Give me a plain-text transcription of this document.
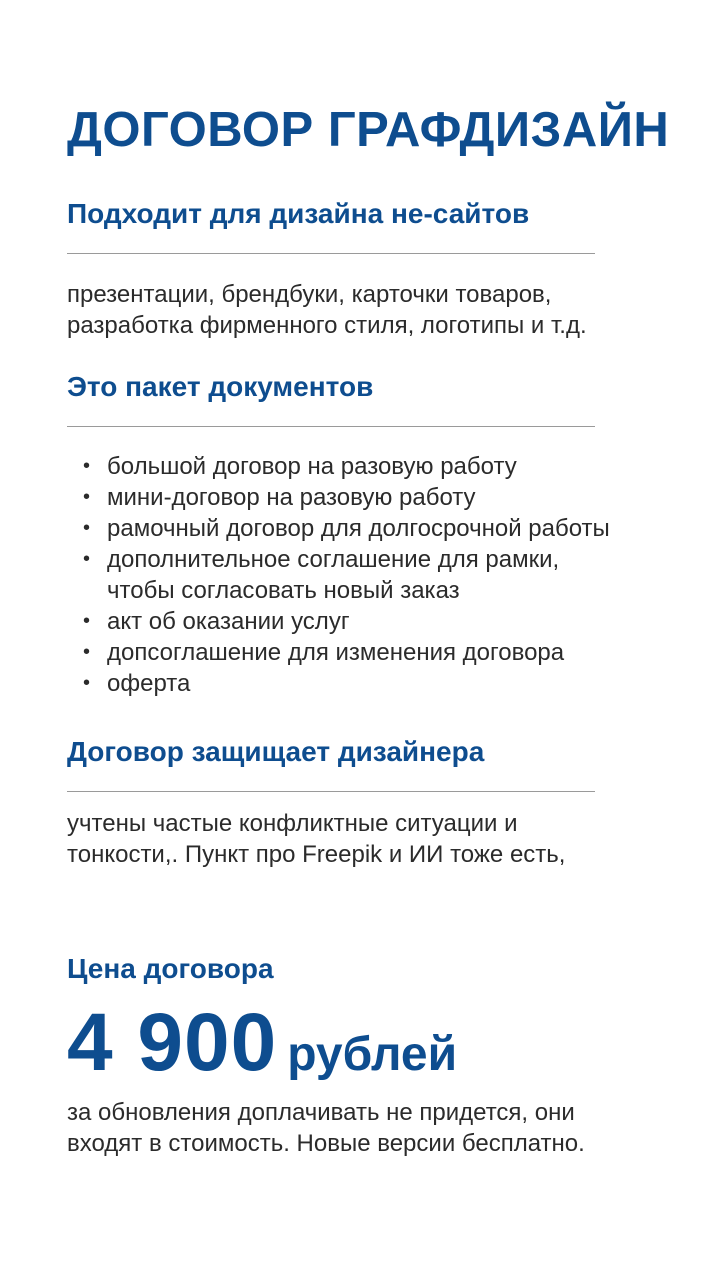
ДОГОВОР ГРАФДИЗАЙН
Подходит для дизайна не-сайтов

презентации, брендбуки, карточки товаров,
разработка фирменного стиля, логотипы и т.д.

Это пакет документов
• большой договор на разовую работу
• мини-договор на разовую работу
• рамочный договор для долгосрочной работы
• дополнительное соглашение для рамки,
чтобы согласовать новый заказ
• акт об оказании услуг
• допсоглашение для изменения договора
• оферта
Договор защищает дизайнера

учтены частые конфликтные ситуации и
тонкости,. Пункт про Freepik и ИИ тоже есть,

Цена договора
4 900 рублей

за обновления доплачивать не придется, они
входят в стоимость. Новые версии бесплатно.
